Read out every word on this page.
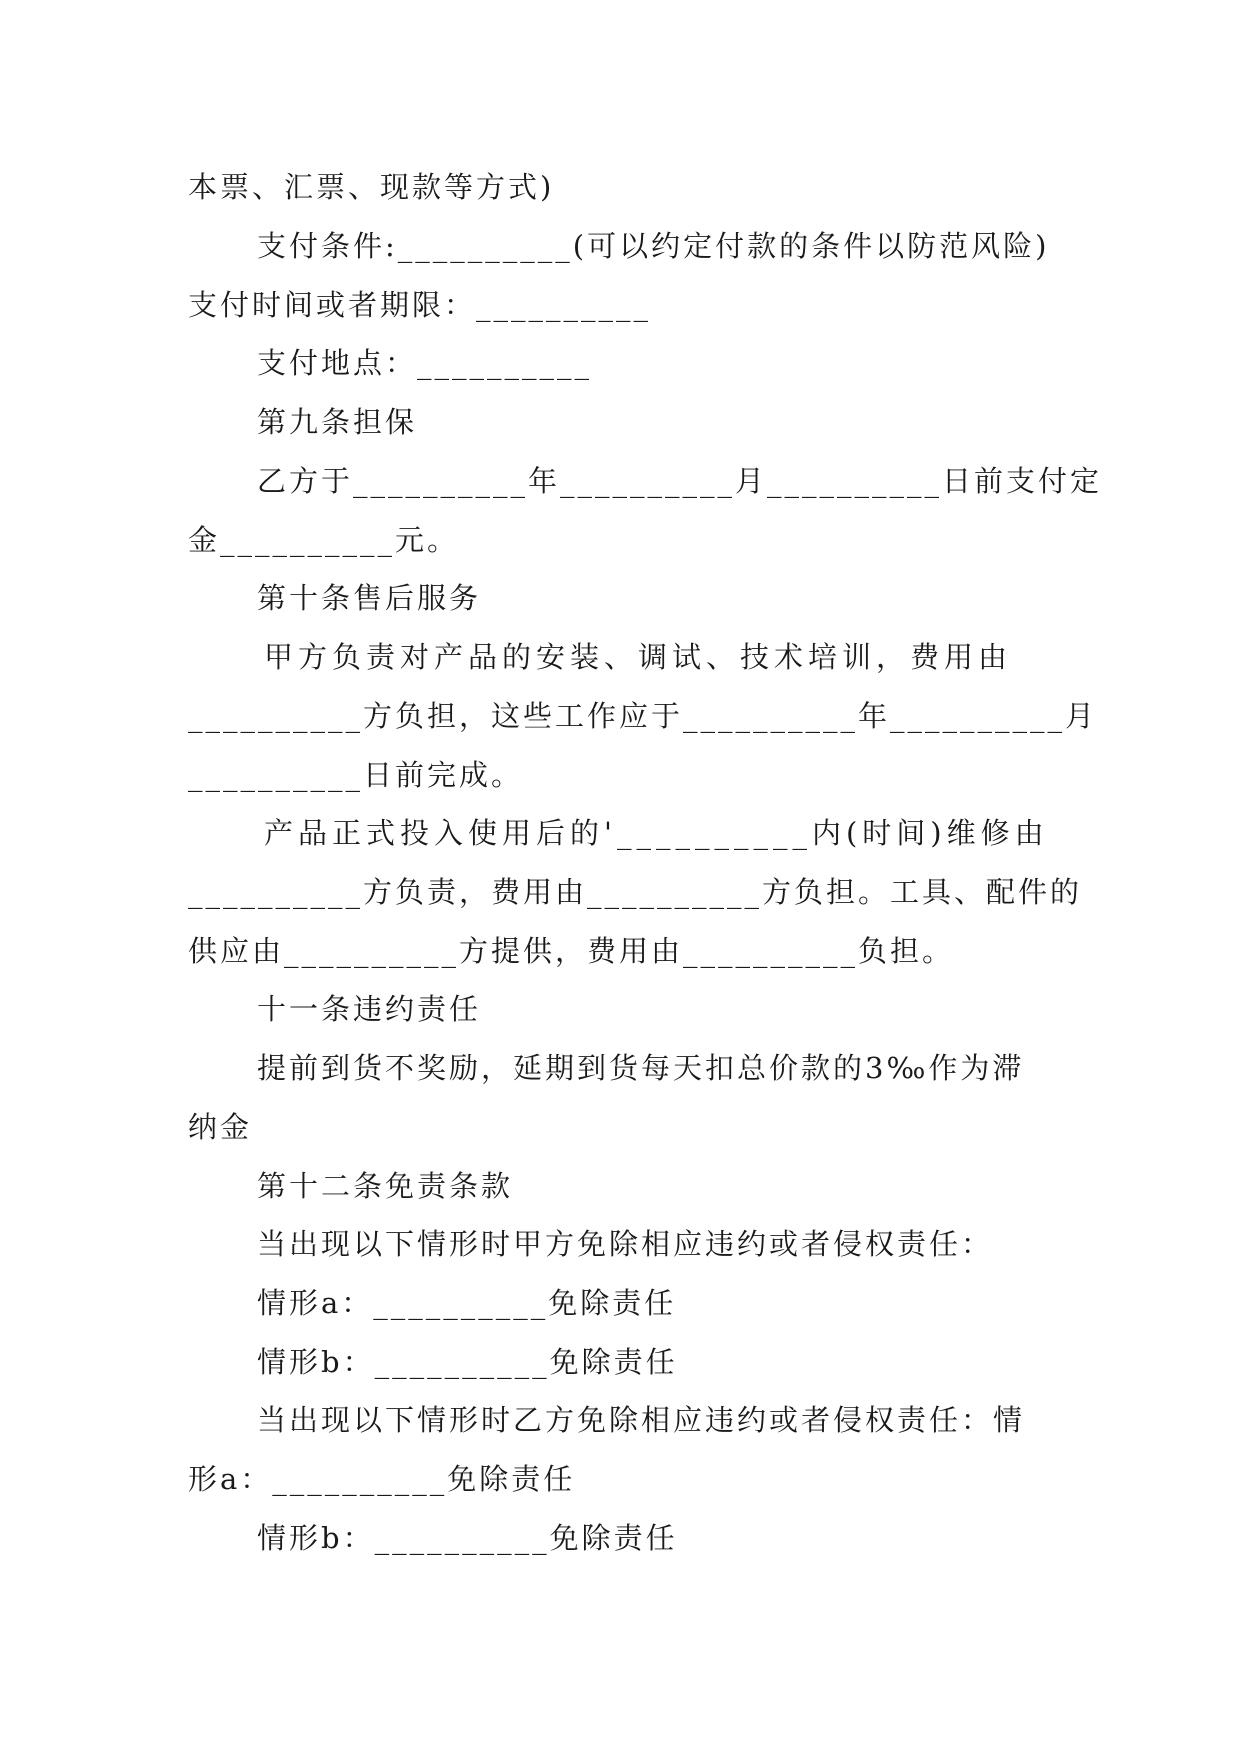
本票、汇票、现款等方式)
支付条件:__________(可以约定付款的条件以防范风险)
支付时间或者期限：__________
支付地点：__________
第九条担保
乙方于__________年__________月__________日前支付定
金__________元。
第十条售后服务
甲方负责对产品的安装、调试、技术培训，费用由
__________方负担，这些工作应于__________年__________月
__________日前完成。
产品正式投入使用后的'__________内(时间)维修由
__________方负责，费用由__________方负担。工具、配件的
供应由__________方提供，费用由__________负担。
十一条违约责任
提前到货不奖励，延期到货每天扣总价款的3‰作为滞
纳金
第十二条免责条款
当出现以下情形时甲方免除相应违约或者侵权责任：
情形a：__________免除责任
情形b：__________免除责任
当出现以下情形时乙方免除相应违约或者侵权责任：情
形a：__________免除责任
情形b：__________免除责任
